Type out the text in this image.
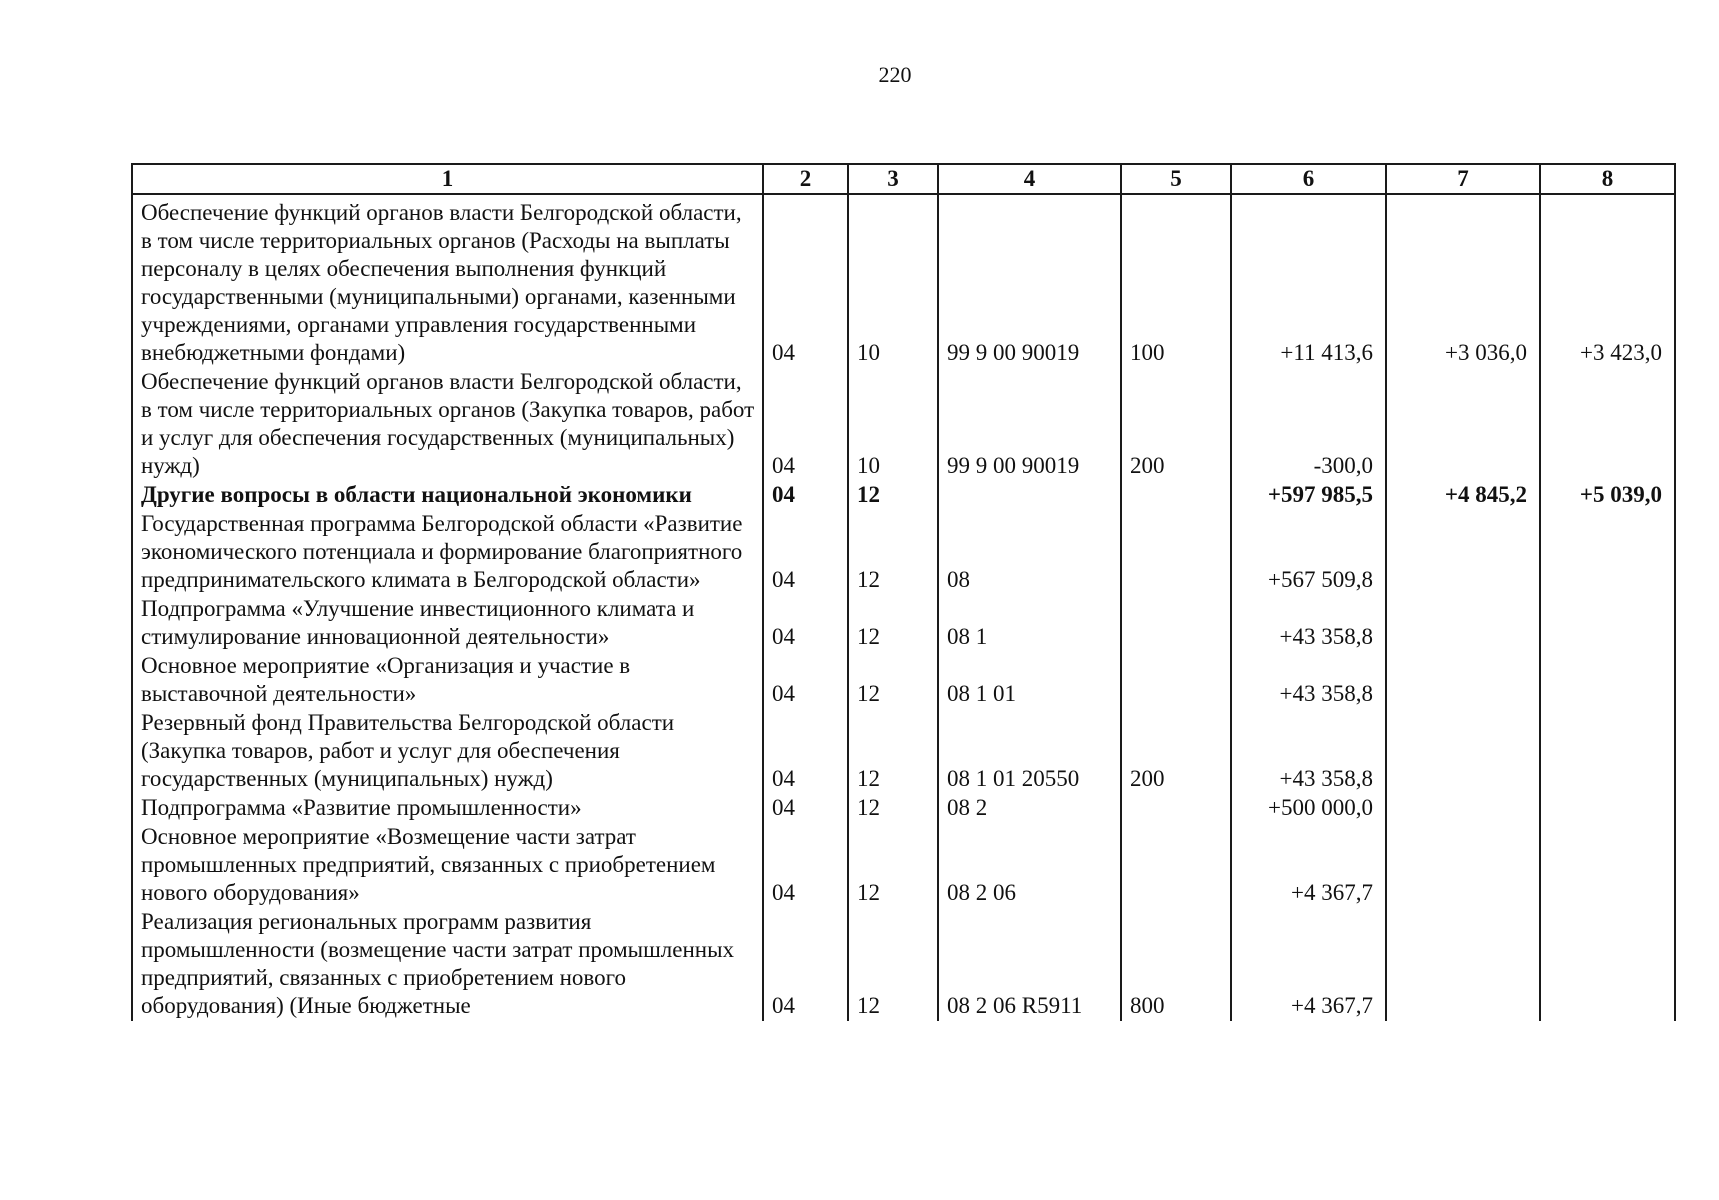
220
1	2	3	4	5	6	7	8
Обеспечение функций органов власти Белгородской области, в том числе территориальных органов (Расходы на выплаты персоналу в целях обеспечения выполнения функций государственными (муниципальными) органами, казенными учреждениями, органами управления государственными внебюджетными фондами)	04	10	99 9 00 90019	100	+11 413,6	+3 036,0	+3 423,0
Обеспечение функций органов власти Белгородской области, в том числе территориальных органов (Закупка товаров, работ и услуг для обеспечения государственных (муниципальных) нужд)	04	10	99 9 00 90019	200	-300,0		
Другие вопросы в области национальной экономики	04	12			+597 985,5	+4 845,2	+5 039,0
Государственная программа Белгородской области «Развитие экономического потенциала и формирование благоприятного предпринимательского климата в Белгородской области»	04	12	08		+567 509,8		
Подпрограмма «Улучшение инвестиционного климата и стимулирование инновационной деятельности»	04	12	08 1		+43 358,8		
Основное мероприятие «Организация и участие в выставочной деятельности»	04	12	08 1 01		+43 358,8		
Резервный фонд Правительства Белгородской области (Закупка товаров, работ и услуг для обеспечения государственных (муниципальных) нужд)	04	12	08 1 01 20550	200	+43 358,8		
Подпрограмма «Развитие промышленности»	04	12	08 2		+500 000,0		
Основное мероприятие «Возмещение части затрат промышленных предприятий, связанных с приобретением нового оборудования»	04	12	08 2 06		+4 367,7		
Реализация региональных программ развития промышленности (возмещение части затрат промышленных предприятий, связанных с приобретением нового оборудования) (Иные бюджетные	04	12	08 2 06 R5911	800	+4 367,7		
